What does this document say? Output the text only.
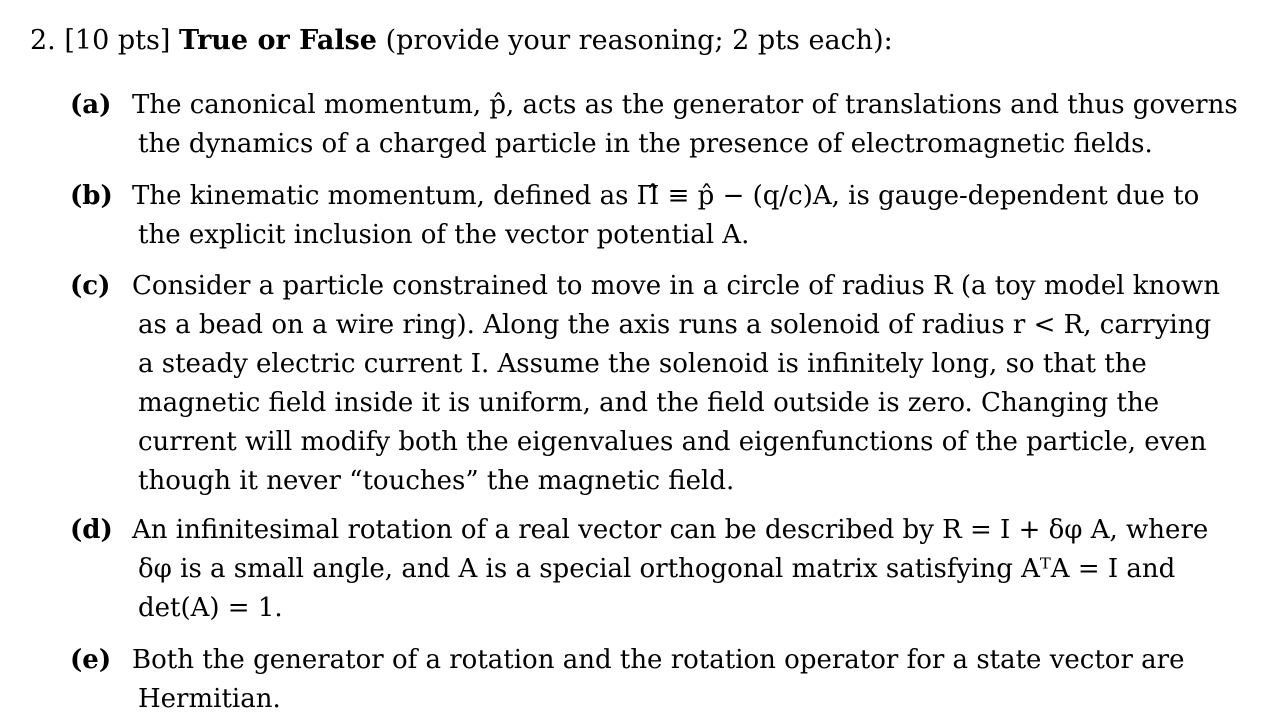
2. [10 pts] True or False (provide your reasoning; 2 pts each):
(a) The canonical momentum, p̂, acts as the generator of translations and thus governs
the dynamics of a charged particle in the presence of electromagnetic fields.
(b) The kinematic momentum, defined as Π̂ ≡ p̂ − (q/c)A, is gauge-dependent due to
the explicit inclusion of the vector potential A.
(c) Consider a particle constrained to move in a circle of radius R (a toy model known
as a bead on a wire ring). Along the axis runs a solenoid of radius r < R, carrying
a steady electric current I. Assume the solenoid is infinitely long, so that the
magnetic field inside it is uniform, and the field outside is zero. Changing the
current will modify both the eigenvalues and eigenfunctions of the particle, even
though it never “touches” the magnetic field.
(d) An infinitesimal rotation of a real vector can be described by R = I + δφ A, where
δφ is a small angle, and A is a special orthogonal matrix satisfying AᵀA = I and
det(A) = 1.
(e) Both the generator of a rotation and the rotation operator for a state vector are
Hermitian.
